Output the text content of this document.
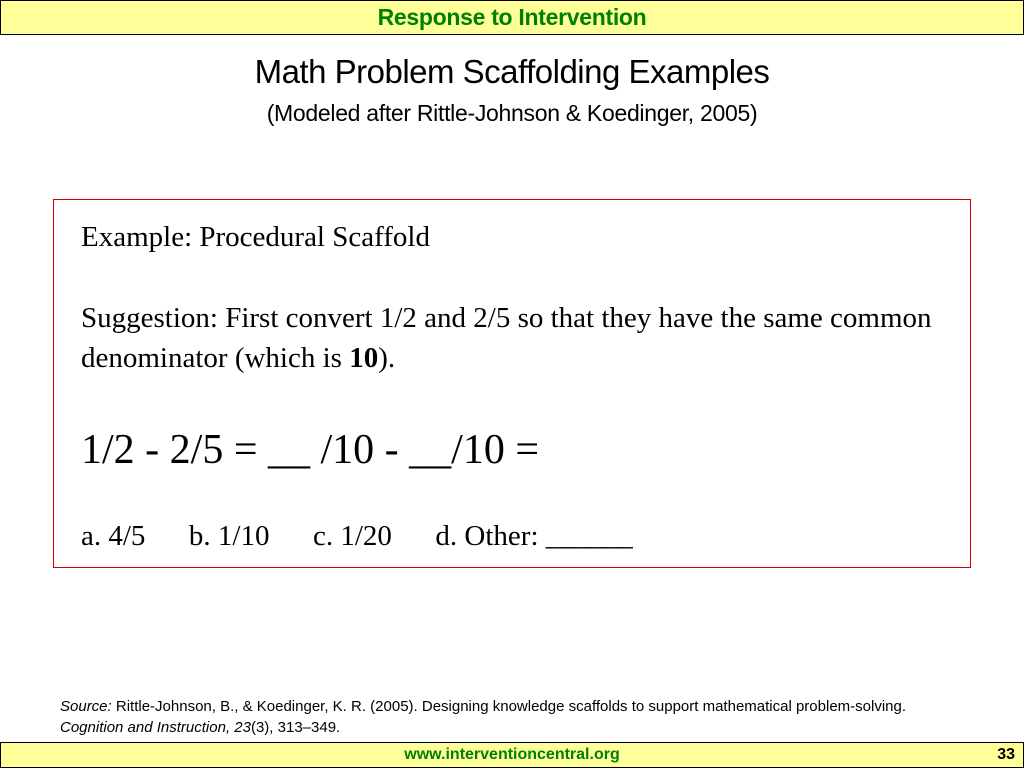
Response to Intervention
Math Problem Scaffolding Examples
(Modeled after Rittle-Johnson & Koedinger, 2005)
Example: Procedural Scaffold
Suggestion: First convert 1/2 and 2/5 so that they have the same common denominator (which is 10).
1/2 - 2/5 = __ /10 - __/10 =
a. 4/5      b. 1/10      c. 1/20      d. Other: ______
Source: Rittle-Johnson, B., & Koedinger, K. R. (2005). Designing knowledge scaffolds to support mathematical problem-solving. Cognition and Instruction, 23(3), 313–349.
www.interventioncentral.org	33
